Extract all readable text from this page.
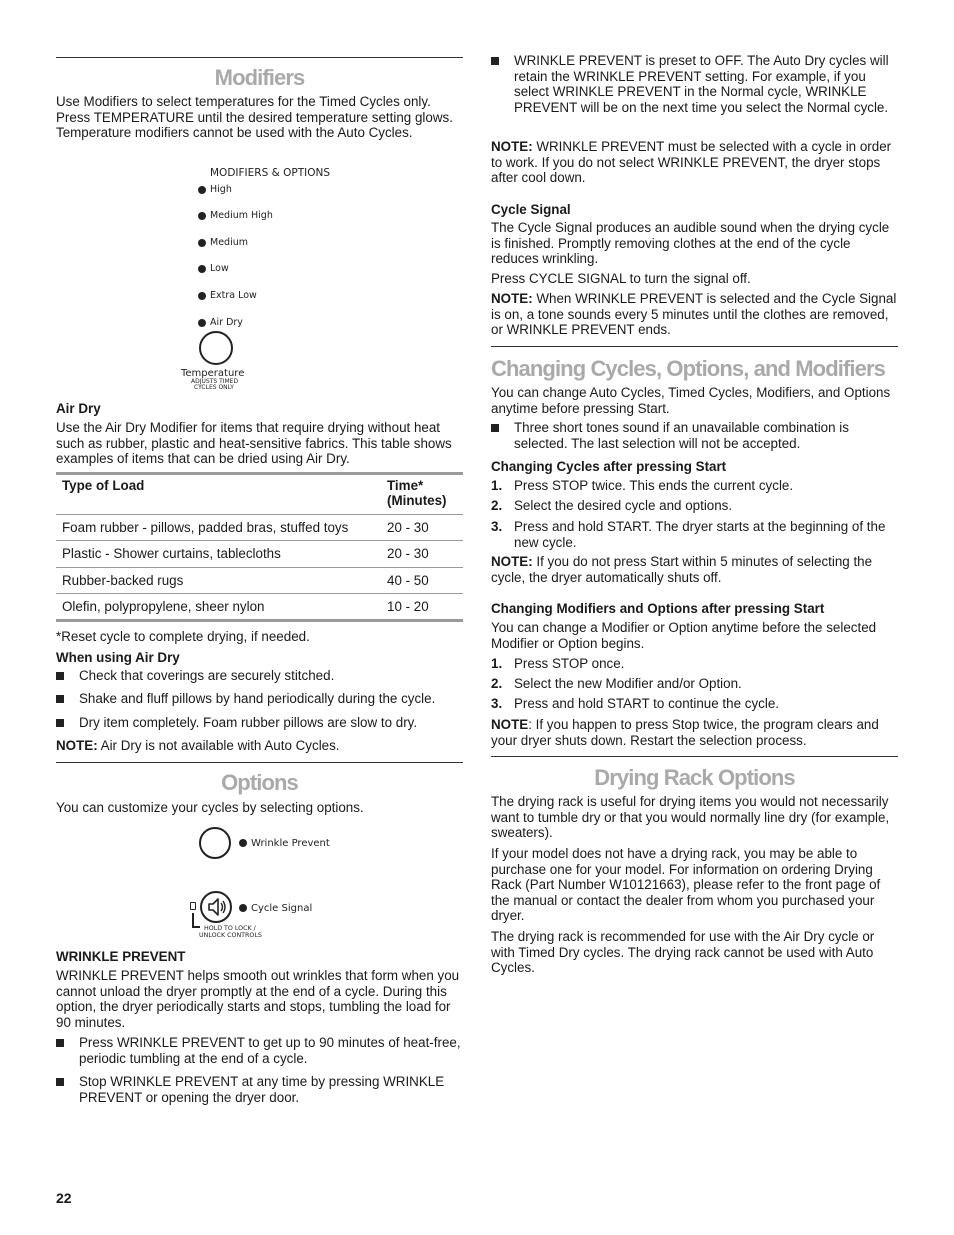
Modifiers
Use Modifiers to select temperatures for the Timed Cycles only. Press TEMPERATURE until the desired temperature setting glows. Temperature modifiers cannot be used with the Auto Cycles.
MODIFIERS & OPTIONS
High
Medium High
Medium
Low
Extra Low
Air Dry
Temperature
ADJUSTS TIMED
CYCLES ONLY
Air Dry
Use the Air Dry Modifier for items that require drying without heat such as rubber, plastic and heat-sensitive fabrics. This table shows examples of items that can be dried using Air Dry.
Type of Load	Time*
(Minutes)
Foam rubber - pillows, padded bras, stuffed toys	20 - 30
Plastic - Shower curtains, tablecloths	20 - 30
Rubber-backed rugs	40 - 50
Olefin, polypropylene, sheer nylon	10 - 20
*Reset cycle to complete drying, if needed.
When using Air Dry
Check that coverings are securely stitched.
Shake and fluff pillows by hand periodically during the cycle.
Dry item completely. Foam rubber pillows are slow to dry.
NOTE: Air Dry is not available with Auto Cycles.
Options
You can customize your cycles by selecting options.
Wrinkle Prevent
Cycle Signal
HOLD TO LOCK /
UNLOCK CONTROLS
WRINKLE PREVENT
WRINKLE PREVENT helps smooth out wrinkles that form when you cannot unload the dryer promptly at the end of a cycle. During this option, the dryer periodically starts and stops, tumbling the load for 90 minutes.
Press WRINKLE PREVENT to get up to 90 minutes of heat-free, periodic tumbling at the end of a cycle.
Stop WRINKLE PREVENT at any time by pressing WRINKLE PREVENT or opening the dryer door.
22
WRINKLE PREVENT is preset to OFF. The Auto Dry cycles will retain the WRINKLE PREVENT setting. For example, if you select WRINKLE PREVENT in the Normal cycle, WRINKLE PREVENT will be on the next time you select the Normal cycle.
NOTE: WRINKLE PREVENT must be selected with a cycle in order to work. If you do not select WRINKLE PREVENT, the dryer stops after cool down.
Cycle Signal
The Cycle Signal produces an audible sound when the drying cycle is finished. Promptly removing clothes at the end of the cycle reduces wrinkling.
Press CYCLE SIGNAL to turn the signal off.
NOTE: When WRINKLE PREVENT is selected and the Cycle Signal is on, a tone sounds every 5 minutes until the clothes are removed, or WRINKLE PREVENT ends.
Changing Cycles, Options, and Modifiers
You can change Auto Cycles, Timed Cycles, Modifiers, and Options anytime before pressing Start.
Three short tones sound if an unavailable combination is selected. The last selection will not be accepted.
Changing Cycles after pressing Start
1. Press STOP twice. This ends the current cycle.
2. Select the desired cycle and options.
3. Press and hold START. The dryer starts at the beginning of the new cycle.
NOTE: If you do not press Start within 5 minutes of selecting the cycle, the dryer automatically shuts off.
Changing Modifiers and Options after pressing Start
You can change a Modifier or Option anytime before the selected Modifier or Option begins.
1. Press STOP once.
2. Select the new Modifier and/or Option.
3. Press and hold START to continue the cycle.
NOTE: If you happen to press Stop twice, the program clears and your dryer shuts down. Restart the selection process.
Drying Rack Options
The drying rack is useful for drying items you would not necessarily want to tumble dry or that you would normally line dry (for example, sweaters).
If your model does not have a drying rack, you may be able to purchase one for your model. For information on ordering Drying Rack (Part Number W10121663), please refer to the front page of the manual or contact the dealer from whom you purchased your dryer.
The drying rack is recommended for use with the Air Dry cycle or with Timed Dry cycles. The drying rack cannot be used with Auto Cycles.
